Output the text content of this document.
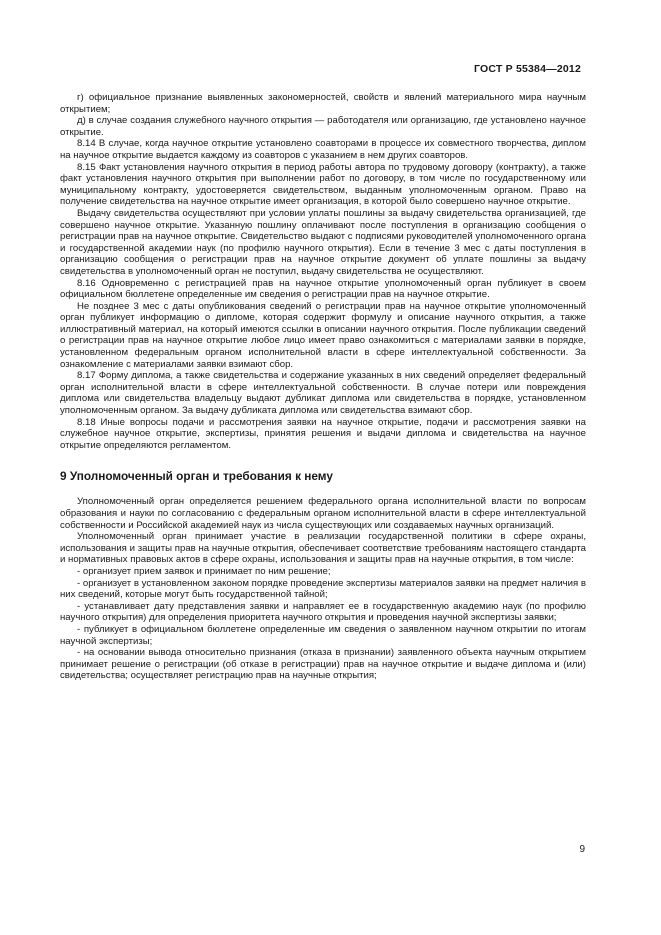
ГОСТ Р 55384—2012

г) официальное признание выявленных закономерностей, свойств и явлений материального мира научным открытием;

д) в случае создания служебного научного открытия — работодателя или организацию, где установлено научное открытие.

8.14 В случае, когда научное открытие установлено соавторами в процессе их совместного творчества, диплом на научное открытие выдается каждому из соавторов с указанием в нем других соавторов.

8.15 Факт установления научного открытия в период работы автора по трудовому договору (контракту), а также факт установления научного открытия при выполнении работ по договору, в том числе по государственному или муниципальному контракту, удостоверяется свидетельством, выданным уполномоченным органом. Право на получение свидетельства на научное открытие имеет организация, в которой было совершено научное открытие.

Выдачу свидетельства осуществляют при условии уплаты пошлины за выдачу свидетельства организацией, где совершено научное открытие. Указанную пошлину оплачивают после поступления в организацию сообщения о регистрации прав на научное открытие. Свидетельство выдают с подписями руководителей уполномоченного органа и государственной академии наук (по профилю научного открытия). Если в течение 3 мес с даты поступления в организацию сообщения о регистрации прав на научное открытие документ об уплате пошлины за выдачу свидетельства в уполномоченный орган не поступил, выдачу свидетельства не осуществляют.

8.16 Одновременно с регистрацией прав на научное открытие уполномоченный орган публикует в своем официальном бюллетене определенные им сведения о регистрации прав на научное открытие.

Не позднее 3 мес с даты опубликования сведений о регистрации прав на научное открытие уполномоченный орган публикует информацию о дипломе, которая содержит формулу и описание научного открытия, а также иллюстративный материал, на который имеются ссылки в описании научного открытия. После публикации сведений о регистрации прав на научное открытие любое лицо имеет право ознакомиться с материалами заявки в порядке, установленном федеральным органом исполнительной власти в сфере интеллектуальной собственности. За ознакомление с материалами заявки взимают сбор.

8.17 Форму диплома, а также свидетельства и содержание указанных в них сведений определяет федеральный орган исполнительной власти в сфере интеллектуальной собственности. В случае потери или повреждения диплома или свидетельства владельцу выдают дубликат диплома или свидетельства в порядке, установленном уполномоченным органом. За выдачу дубликата диплома или свидетельства взимают сбор.

8.18 Иные вопросы подачи и рассмотрения заявки на научное открытие, подачи и рассмотрения заявки на служебное научное открытие, экспертизы, принятия решения и выдачи диплома и свидетельства на научное открытие определяются регламентом.

9 Уполномоченный орган и требования к нему

Уполномоченный орган определяется решением федерального органа исполнительной власти по вопросам образования и науки по согласованию с федеральным органом исполнительной власти в сфере интеллектуальной собственности и Российской академией наук из числа существующих или создаваемых научных организаций.

Уполномоченный орган принимает участие в реализации государственной политики в сфере охраны, использования и защиты прав на научные открытия, обеспечивает соответствие требованиям настоящего стандарта и нормативных правовых актов в сфере охраны, использования и защиты прав на научные открытия, в том числе:

- организует прием заявок и принимает по ним решение;

- организует в установленном законом порядке проведение экспертизы материалов заявки на предмет наличия в них сведений, которые могут быть государственной тайной;

- устанавливает дату представления заявки и направляет ее в государственную академию наук (по профилю научного открытия) для определения приоритета научного открытия и проведения научной экспертизы заявки;

- публикует в официальном бюллетене определенные им сведения о заявленном научном открытии по итогам научной экспертизы;

- на основании вывода относительно признания (отказа в признании) заявленного объекта научным открытием принимает решение о регистрации (об отказе в регистрации) прав на научное открытие и выдаче диплома и (или) свидетельства; осуществляет регистрацию прав на научные открытия;

9
